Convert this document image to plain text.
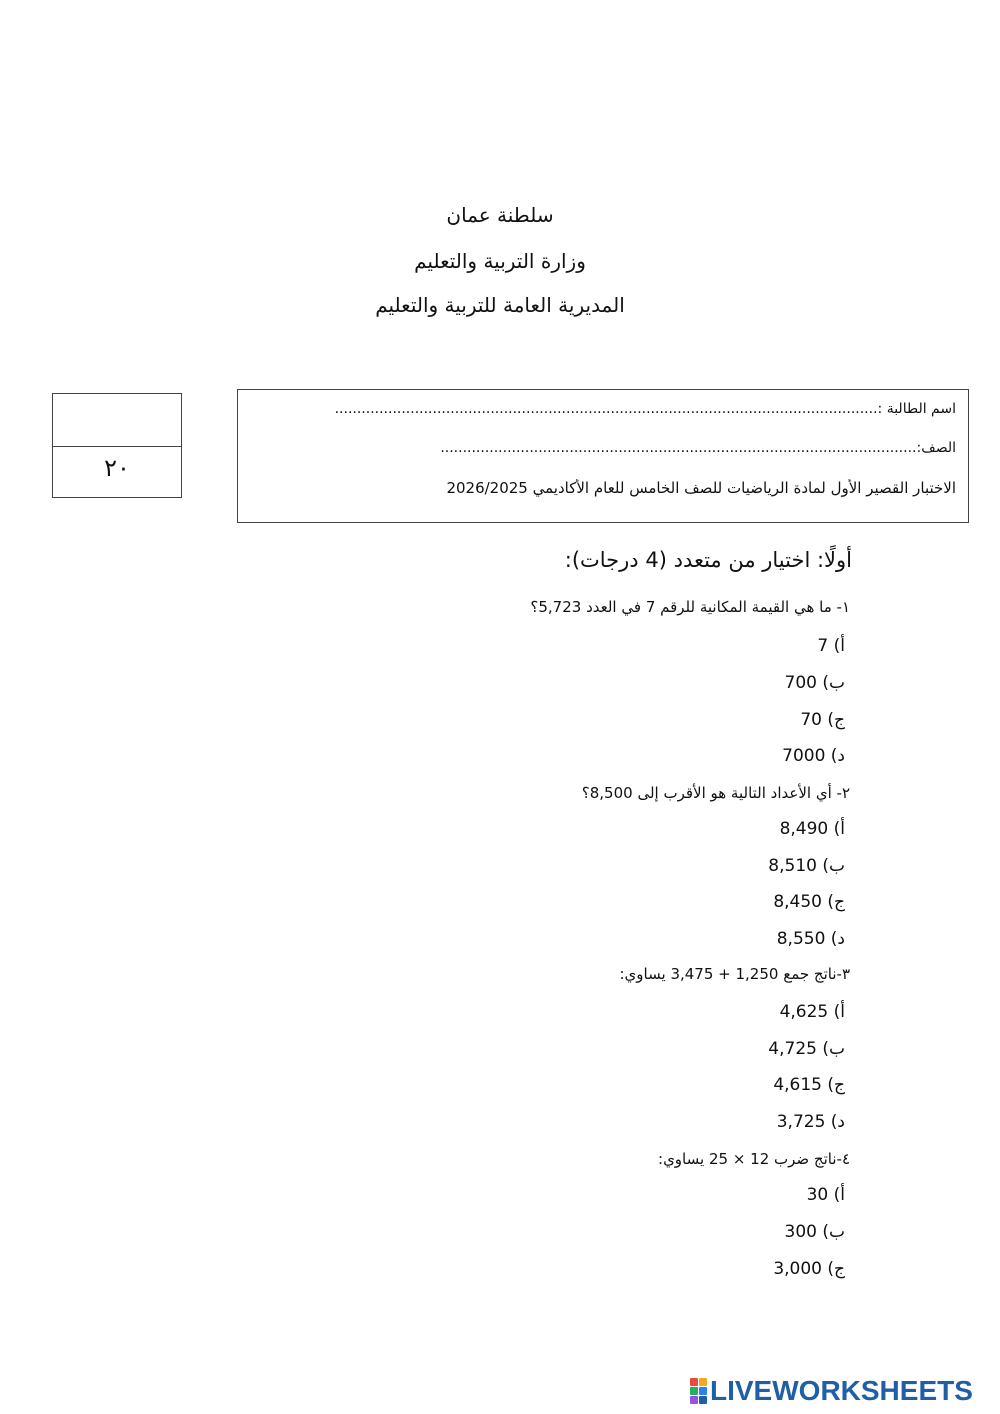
سلطنة عمان
وزارة التربية والتعليم
المديرية العامة للتربية والتعليم
٢٠
اسم الطالبة :..........................................................................................................................
الصف:...........................................................................................................
الاختبار القصير الأول لمادة الرياضيات للصف الخامس للعام الأكاديمي 2026/2025
أولًا: اختيار من متعدد (4 درجات):
١- ما هي القيمة المكانية للرقم 7 في العدد 5,723؟
أ) 7
ب) 700
ج) 70
د) 7000
٢- أي الأعداد التالية هو الأقرب إلى 8,500؟
أ) 8,490
ب) 8,510
ج) 8,450
د) 8,550
٣-ناتج جمع 1,250 + 3,475 يساوي:
أ) 4,625
ب) 4,725
ج) 4,615
د) 3,725
٤-ناتج ضرب 12 × 25 يساوي:
أ) 30
ب) 300
ج) 3,000
LIVEWORKSHEETS
